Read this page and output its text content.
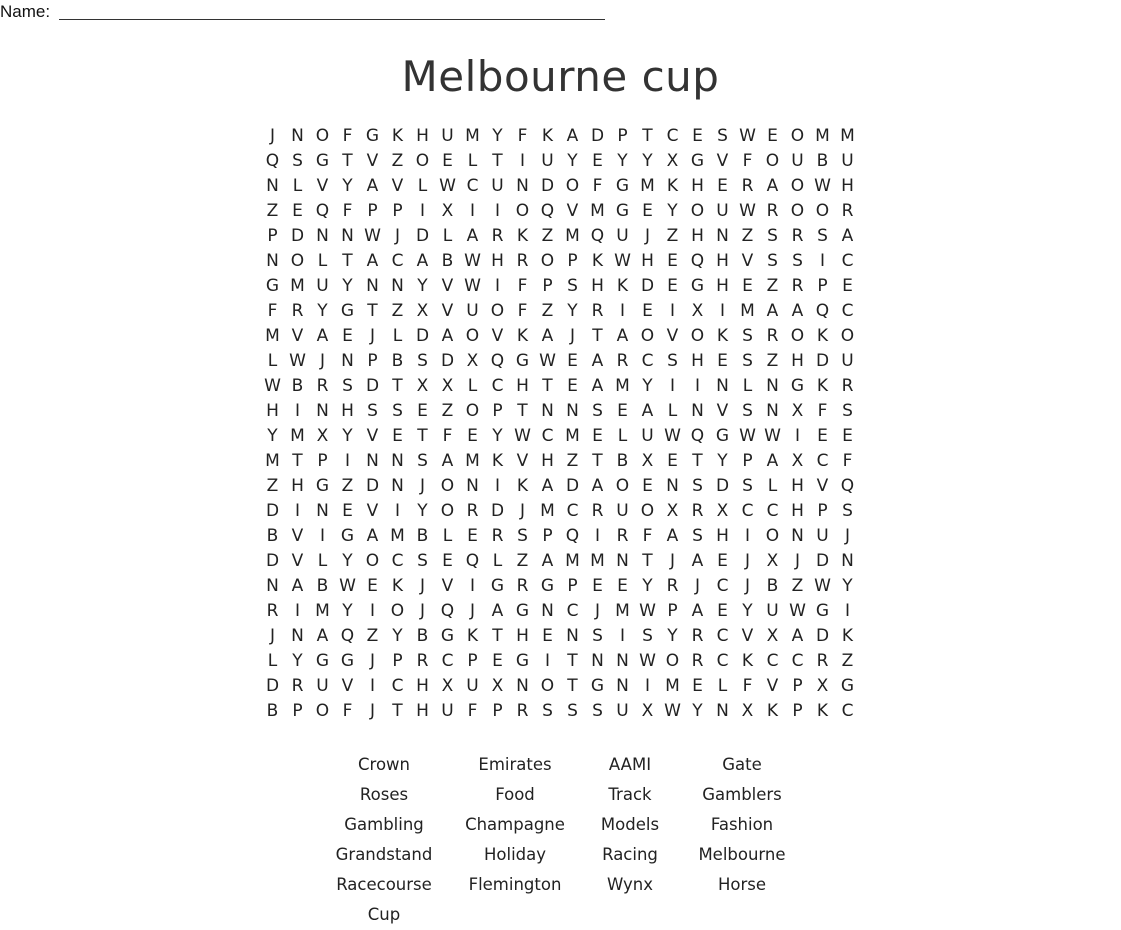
Name:
Melbourne cup
J N O F G K H U M Y F K A D P T C E S W E O M M
Q S G T V Z O E L T	I U Y E Y Y X G V F O U B U
N L V Y A V L W C U N D O F G M K H E R A O W H
Z E Q F P P	I X I	I O Q V M G E Y O U W R O O R
P D N N W J D L A R K Z M Q U J Z H N Z S R S A
N O L T A C A B W H R O P K W H E Q H V S S	I C
G M U Y N N Y V W I	F P S H K D E G H E Z R P E
F R Y G T Z X V U O F Z Y R I	E	I X I M A A Q C
M V A E	J	L D A O V K A J	T A O V O K S R O K O
L W J N P B S D X Q G W E A R C S H E S Z H D U
W B R S D T X X L C H T E A M Y	I	I N L N G K R
H I N H S S E Z O P T N N S E A L N V S N X F S
Y M X Y V E T F E Y W C M E L U W Q G W W I	E E
M T P	I N N S A M K V H Z T B X E T Y P A X C F
Z H G Z D N J O N I K A D A O E N S D S L H V Q
D I N E V I	Y O R D J M C R U O X R X C C H P S
B V I G A M B L E R S P Q I R F A S H I O N U J
D V L Y O C S E Q L Z A M M N T	J A E	J X J D N
N A B W E K J V I G R G P E E Y R J C J B Z W Y
R I M Y	I O J Q J A G N C J M W P A E Y U W G I
J N A Q Z Y B G K T H E N S	I	S Y R C V X A D K
L Y G G J	P R C P E G I	T N N W O R C K C C R Z
D R U V I C H X U X N O T G N I M E L F V P X G
B P O F	J	T H U F P R S S S U X W Y N X K P K C
Crown	Emirates	AAMI	Gate
Roses	Food	Track	Gamblers
Gambling	Champagne	Models	Fashion
Grandstand	Holiday	Racing	Melbourne
Racecourse	Flemington	Wynx	Horse
Cup
